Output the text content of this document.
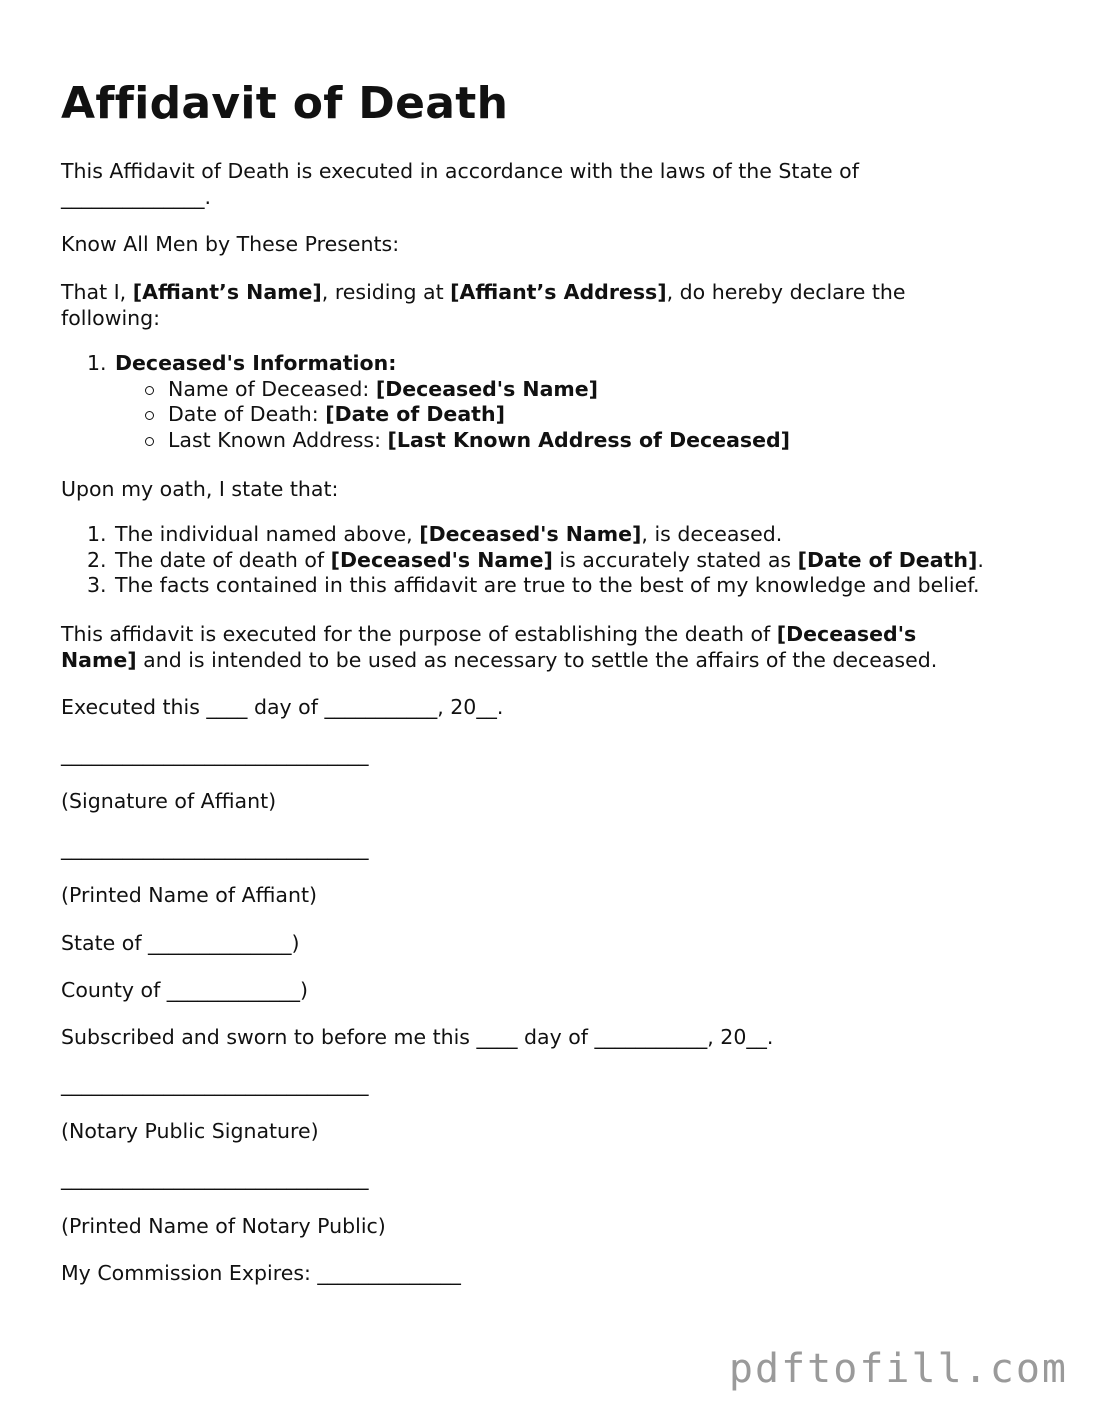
Affidavit of Death
This Affidavit of Death is executed in accordance with the laws of the State of
______________.
Know All Men by These Presents:
That I, [Affiant’s Name], residing at [Affiant’s Address], do hereby declare the
following:
1. Deceased's Information:
Name of Deceased: [Deceased's Name]
Date of Death: [Date of Death]
Last Known Address: [Last Known Address of Deceased]
Upon my oath, I state that:
1. The individual named above, [Deceased's Name], is deceased.
2. The date of death of [Deceased's Name] is accurately stated as [Date of Death].
3. The facts contained in this affidavit are true to the best of my knowledge and belief.
This affidavit is executed for the purpose of establishing the death of [Deceased's
Name] and is intended to be used as necessary to settle the affairs of the deceased.
Executed this ____ day of ___________, 20__.
______________________________
(Signature of Affiant)
______________________________
(Printed Name of Affiant)
State of ______________)
County of _____________)
Subscribed and sworn to before me this ____ day of ___________, 20__.
______________________________
(Notary Public Signature)
______________________________
(Printed Name of Notary Public)
My Commission Expires: ______________
pdftofill.com
